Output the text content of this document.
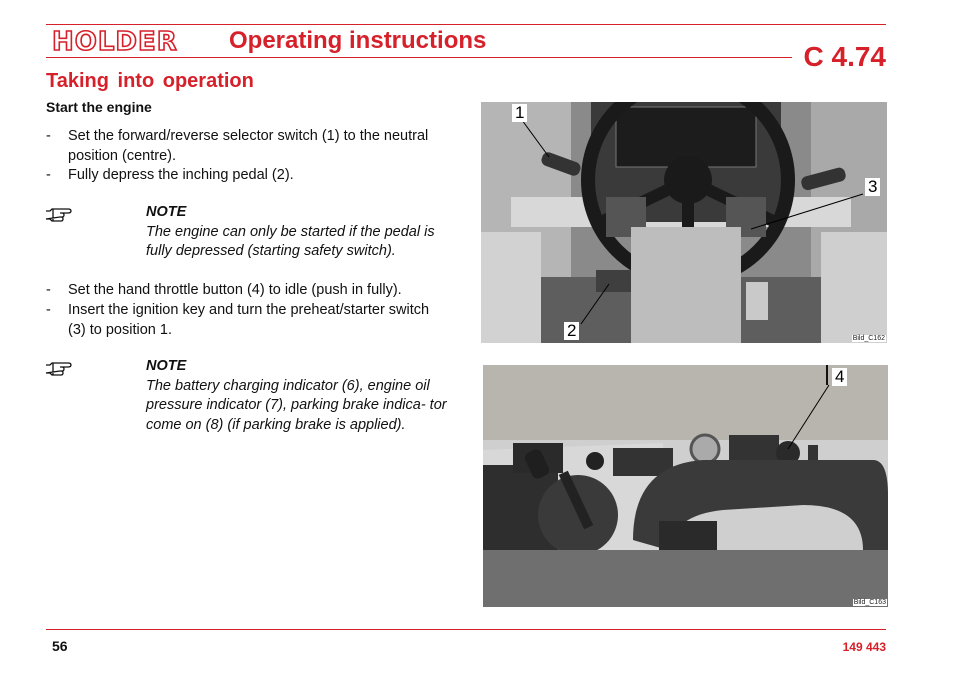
HOLDER Operating instructions
C 4.74
Taking into operation
Start the engine
- Set the forward/reverse selector switch (1) to the neutral position (centre).
- Fully depress the inching pedal (2).
NOTE
The engine can only be started if the pedal is fully depressed (starting safety switch).
- Set the hand throttle button (4) to idle (push in fully).
- Insert the ignition key and turn the preheat/starter switch (3) to position 1.
NOTE
The battery charging indicator (6), engine oil pressure indicator (7), parking brake indica- tor come on (8) (if parking brake is applied).
1
3
2	Bild_C162
4
Bild_C163
56	149 443
